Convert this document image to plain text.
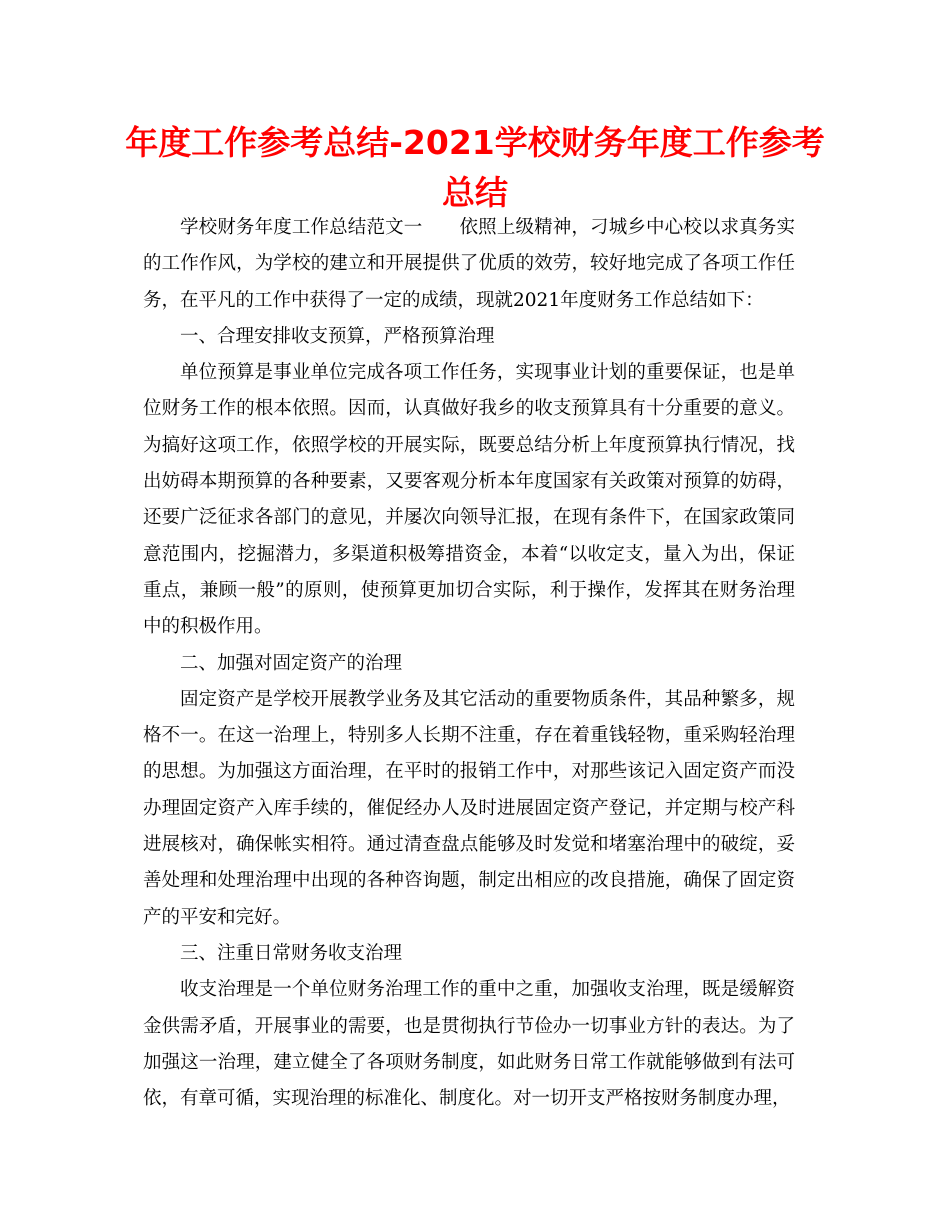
年度工作参考总结-2021学校财务年度工作参考总结

学校财务年度工作总结范文一 依照上级精神，刁城乡中心校以求真务实的工作作风，为学校的建立和开展提供了优质的效劳，较好地完成了各项工作任务，在平凡的工作中获得了一定的成绩，现就2021年度财务工作总结如下：

一、合理安排收支预算，严格预算治理

单位预算是事业单位完成各项工作任务，实现事业计划的重要保证，也是单位财务工作的根本依照。因而，认真做好我乡的收支预算具有十分重要的意义。为搞好这项工作，依照学校的开展实际，既要总结分析上年度预算执行情况，找出妨碍本期预算的各种要素，又要客观分析本年度国家有关政策对预算的妨碍，还要广泛征求各部门的意见，并屡次向领导汇报，在现有条件下，在国家政策同意范围内，挖掘潜力，多渠道积极筹措资金，本着“以收定支，量入为出，保证重点，兼顾一般”的原则，使预算更加切合实际，利于操作，发挥其在财务治理中的积极作用。

二、加强对固定资产的治理

固定资产是学校开展教学业务及其它活动的重要物质条件，其品种繁多，规格不一。在这一治理上，特别多人长期不注重，存在着重钱轻物，重采购轻治理的思想。为加强这方面治理，在平时的报销工作中，对那些该记入固定资产而没办理固定资产入库手续的，催促经办人及时进展固定资产登记，并定期与校产科进展核对，确保帐实相符。通过清查盘点能够及时发觉和堵塞治理中的破绽，妥善处理和处理治理中出现的各种咨询题，制定出相应的改良措施，确保了固定资产的平安和完好。

三、注重日常财务收支治理

收支治理是一个单位财务治理工作的重中之重，加强收支治理，既是缓解资金供需矛盾，开展事业的需要，也是贯彻执行节俭办一切事业方针的表达。为了加强这一治理，建立健全了各项财务制度，如此财务日常工作就能够做到有法可依，有章可循，实现治理的标准化、制度化。对一切开支严格按财务制度办理，
